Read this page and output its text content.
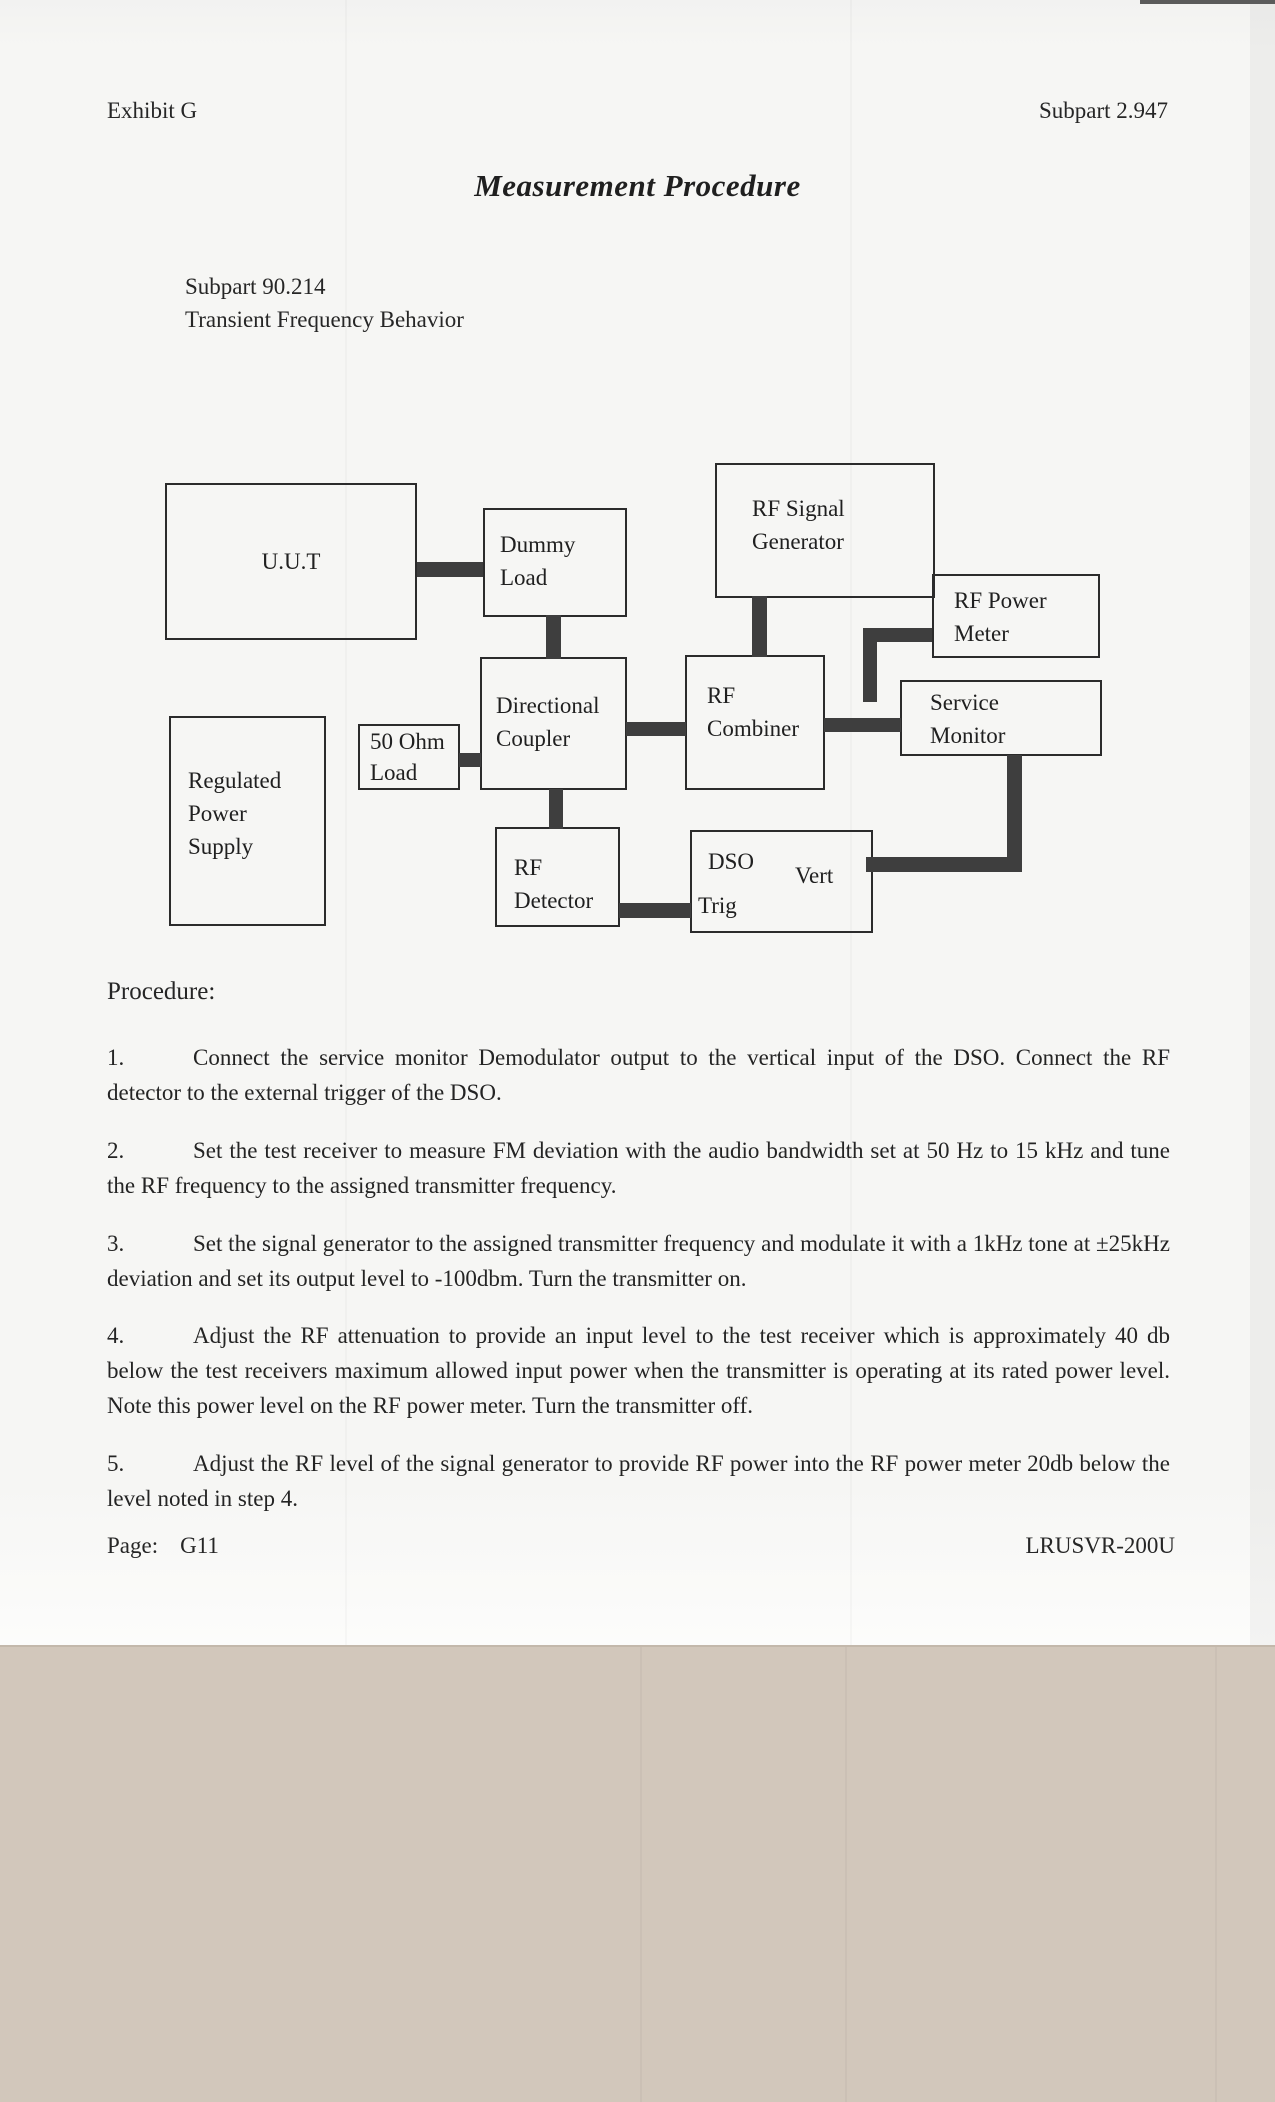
Exhibit G	Subpart 2.947
Measurement Procedure
Subpart 90.214
Transient Frequency Behavior
U.U.T
Dummy
Load
RF Signal
Generator
RF Power
Meter
Directional
Coupler
RF
Combiner
Service
Monitor
50 Ohm
Load
Regulated
Power
Supply
RF
Detector
DSO
Vert
Trig
Procedure:

1.	Connect the service monitor Demodulator output to the vertical input of the DSO. Connect the RF detector to the external trigger of the DSO.

2.	Set the test receiver to measure FM deviation with the audio bandwidth set at 50 Hz to 15 kHz and tune the RF frequency to the assigned transmitter frequency.

3.	Set the signal generator to the assigned transmitter frequency and modulate it with a 1kHz tone at ±25kHz deviation and set its output level to -100dbm. Turn the transmitter on.

4.	Adjust the RF attenuation to provide an input level to the test receiver which is approximately 40 db below the test receivers maximum allowed input power when the transmitter is operating at its rated power level. Note this power level on the RF power meter. Turn the transmitter off.

5.	Adjust the RF level of the signal generator to provide RF power into the RF power meter 20db below the level noted in step 4.

Page: G11	LRUSVR-200U
